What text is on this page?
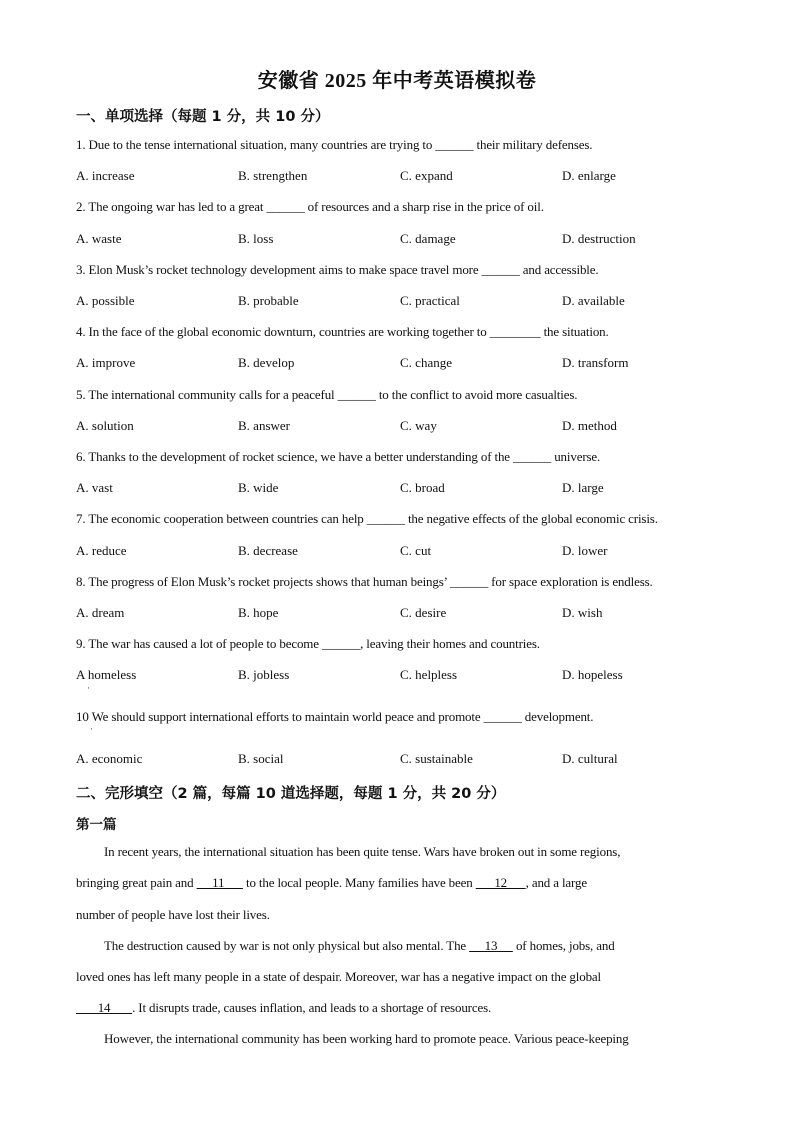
安徽省 2025 年中考英语模拟卷
一、单项选择（每题 1 分，共 10 分）
1. Due to the tense international situation, many countries are trying to ______ their military defenses.
A. increase	B. strengthen	C. expand	D. enlarge
2. The ongoing war has led to a great ______ of resources and a sharp rise in the price of oil.
A. waste	B. loss	C. damage	D. destruction
3. Elon Musk’s rocket technology development aims to make space travel more ______ and accessible.
A. possible	B. probable	C. practical	D. available
4. In the face of the global economic downturn, countries are working together to ________ the situation.
A. improve	B. develop	C. change	D. transform
5. The international community calls for a peaceful ______ to the conflict to avoid more casualties.
A. solution	B. answer	C. way	D. method
6. Thanks to the development of rocket science, we have a better understanding of the ______ universe.
A. vast	B. wide	C. broad	D. large
7. The economic cooperation between countries can help ______ the negative effects of the global economic crisis.
A. reduce	B. decrease	C. cut	D. lower
8. The progress of Elon Musk’s rocket projects shows that human beings’ ______ for space exploration is endless.
A. dream	B. hope	C. desire	D. wish
9. The war has caused a lot of people to become ______, leaving their homes and countries.
A homeless	B. jobless	C. helpless	D. hopeless
·
10 We should support international efforts to maintain world peace and promote ______ development.
·
A. economic	B. social	C. sustainable	D. cultural
二、完形填空（2 篇，每篇 10 道选择题，每题 1 分，共 20 分）
第一篇
In recent years, the international situation has been quite tense. Wars have broken out in some regions,
bringing great pain and      11       to the local people. Many families have been       12      , and a large
number of people have lost their lives.
The destruction caused by war is not only physical but also mental. The      13      of homes, jobs, and
loved ones has left many people in a state of despair. Moreover, war has a negative impact on the global
14       . It disrupts trade, causes inflation, and leads to a shortage of resources.
However, the international community has been working hard to promote peace. Various peace-keeping
